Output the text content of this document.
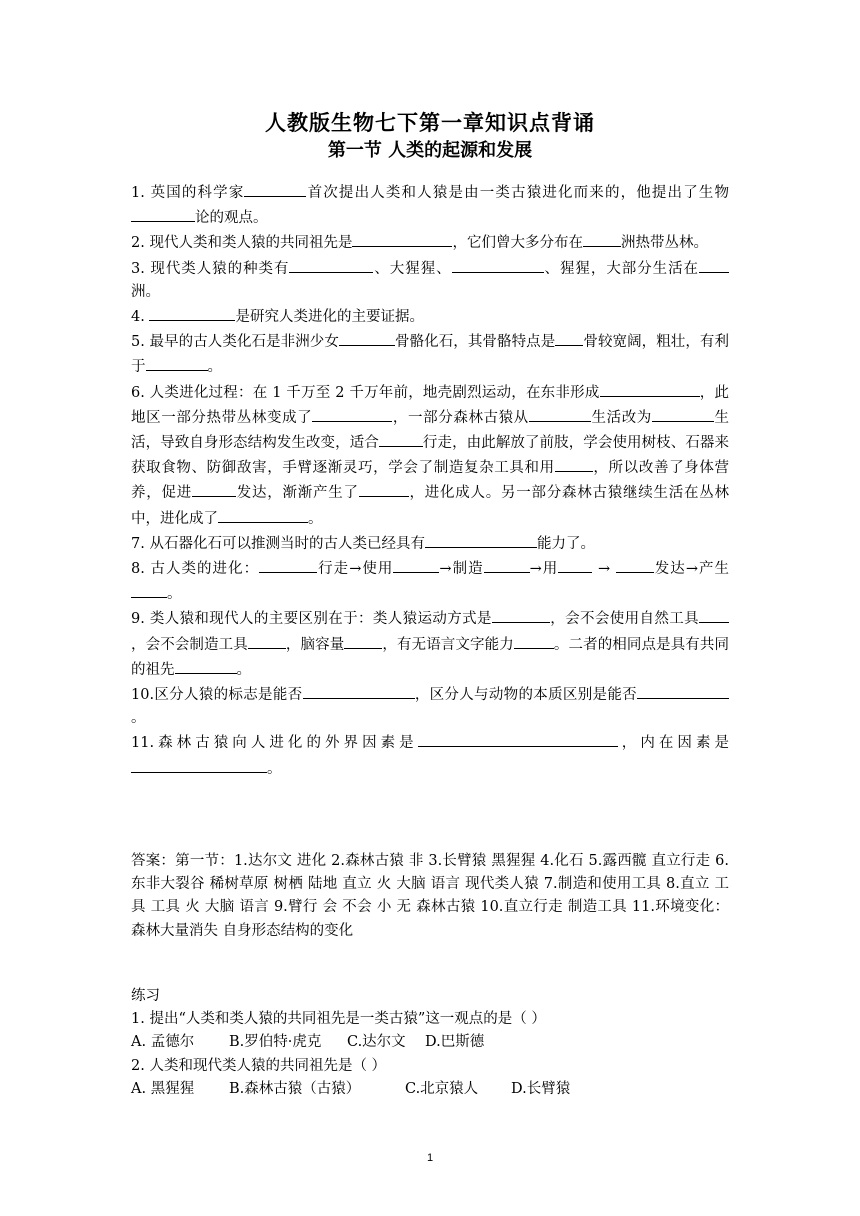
人教版生物七下第一章知识点背诵
第一节 人类的起源和发展

1. 英国的科学家	首次提出人类和人猿是由一类古猿进化而来的，他提出了生物论的观点。

2. 现代人类和类人猿的共同祖先是	，它们曾大多分布在	洲热带丛林。

3. 现代类人猿的种类有	、大猩猩、	、猩猩，大部分生活在洲。

4.	是研究人类进化的主要证据。

5. 最早的古人类化石是非洲少女	骨骼化石，其骨骼特点是 骨较宽阔，粗壮，有利于	。

6. 人类进化过程：在 1 千万至 2 千万年前，地壳剧烈运动，在东非形成	，此地区一部分热带丛林变成了	，一部分森林古猿从	生活改为	生活，导致自身形态结构发生改变，适合	行走，由此解放了前肢，学会使用树枝、石器来获取食物、防御敌害，手臂逐渐灵巧，学会了制造复杂工具和用	，所以改善了身体营养，促进	发达，渐渐产生了	，进化成人。另一部分森林古猿继续生活在丛林中，进化成了	。

7. 从石器化石可以推测当时的古人类已经具有	能力了。

8. 古人类的进化：	行走→使用	→制造	→用 →	发达→产生。

9. 类人猿和现代人的主要区别在于：类人猿运动方式是	，会不会使用自然工具，会不会制造工具	，脑容量	，有无语言文字能力	。二者的相同点是具有共同的祖先	。

10.区分人猿的标志是能否	，区分人与动物的本质区别是能否。

11.森林古猿向人进化的外界因素是	，内在因素是。

答案：第一节：1.达尔文 进化 2.森林古猿 非 3.长臂猿 黑猩猩 4.化石 5.露西髋 直立行走 6.东非大裂谷 稀树草原 树栖 陆地 直立 火 大脑 语言 现代类人猿 7.制造和使用工具 8.直立 工具 工具 火 大脑 语言 9.臂行 会 不会 小 无 森林古猿 10.直立行走 制造工具 11.环境变化：森林大量消失 自身形态结构的变化

练习

1. 提出“人类和类人猿的共同祖先是一类古猿”这一观点的是（ ）

A. 孟德尔 B.罗伯特·虎克 C.达尔文 D.巴斯德

2. 人类和现代类人猿的共同祖先是（ ）

A. 黑猩猩 B.森林古猿（古猿）	C.北京猿人 D.长臂猿

1
